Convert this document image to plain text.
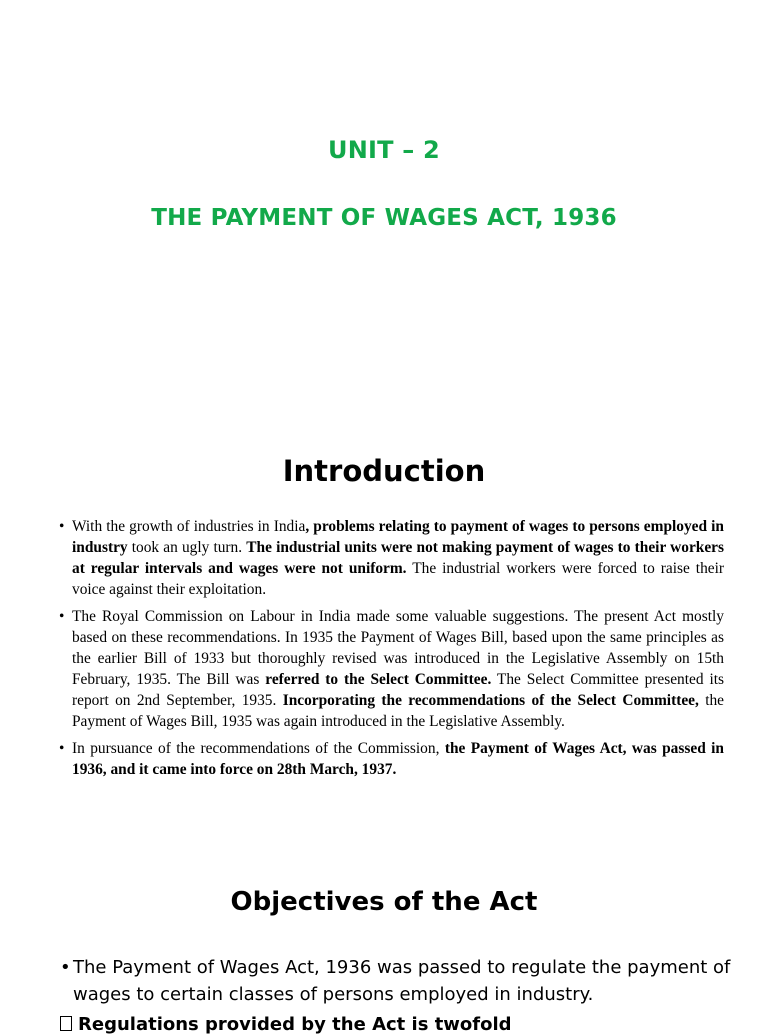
UNIT – 2
THE PAYMENT OF WAGES ACT, 1936
Introduction
• With the growth of industries in India, problems relating to payment of wages to persons employed in industry took an ugly turn. The industrial units were not making payment of wages to their workers at regular intervals and wages were not uniform. The industrial workers were forced to raise their voice against their exploitation.
• The Royal Commission on Labour in India made some valuable suggestions. The present Act mostly based on these recommendations. In 1935 the Payment of Wages Bill, based upon the same principles as the earlier Bill of 1933 but thoroughly revised was introduced in the Legislative Assembly on 15th February, 1935. The Bill was referred to the Select Committee. The Select Committee presented its report on 2nd September, 1935. Incorporating the recommendations of the Select Committee, the Payment of Wages Bill, 1935 was again introduced in the Legislative Assembly.
• In pursuance of the recommendations of the Commission, the Payment of Wages Act, was passed in 1936, and it came into force on 28th March, 1937.
Objectives of the Act
• The Payment of Wages Act, 1936 was passed to regulate the payment of wages to certain classes of persons employed in industry.
Regulations provided by the Act is twofold
